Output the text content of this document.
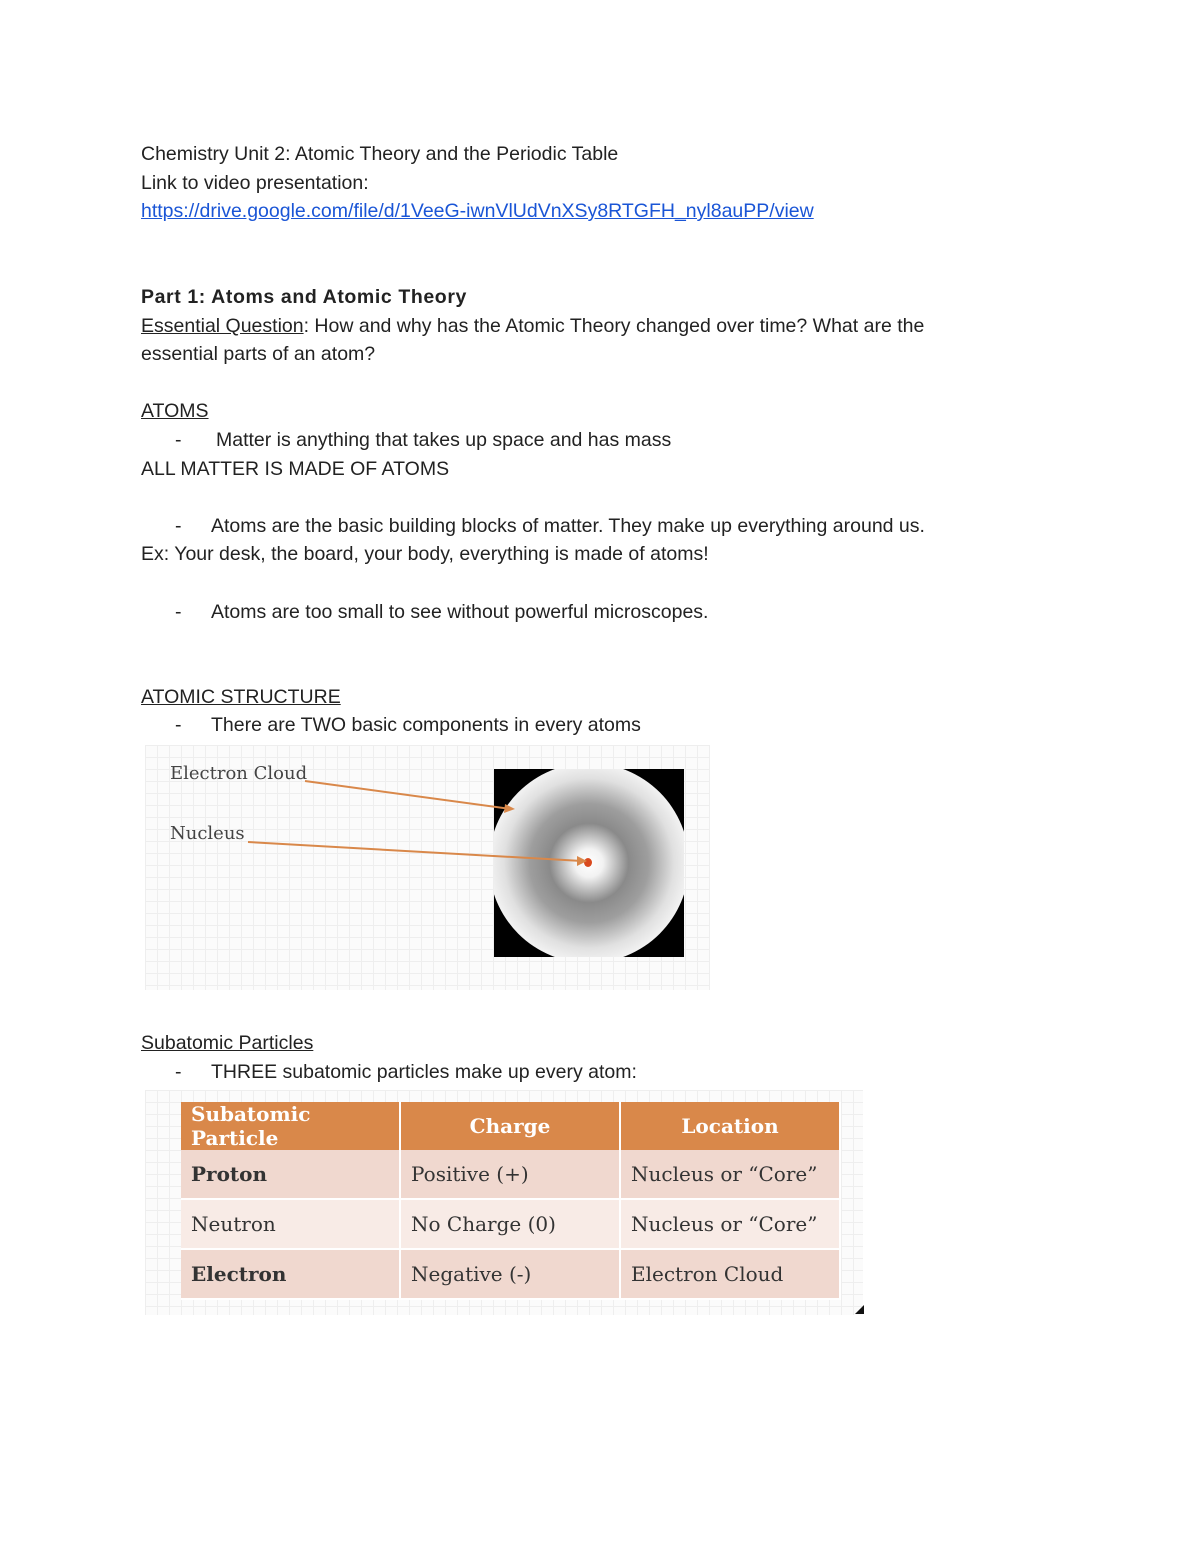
Chemistry Unit 2: Atomic Theory and the Periodic Table
Link to video presentation:
https://drive.google.com/file/d/1VeeG-iwnVlUdVnXSy8RTGFH_nyl8auPP/view
Part 1: Atoms and Atomic Theory
Essential Question: How and why has the Atomic Theory changed over time? What are the
essential parts of an atom?
ATOMS
- Matter is anything that takes up space and has mass
ALL MATTER IS MADE OF ATOMS
- Atoms are the basic building blocks of matter. They make up everything around us.
Ex: Your desk, the board, your body, everything is made of atoms!
- Atoms are too small to see without powerful microscopes.
ATOMIC STRUCTURE
- There are TWO basic components in every atoms
Electron Cloud
Nucleus
Subatomic Particles
- THREE subatomic particles make up every atom:
Subatomic Particle	Charge	Location
Proton	Positive (+)	Nucleus or “Core”
Neutron	No Charge (0)	Nucleus or “Core”
Electron	Negative (-)	Electron Cloud
